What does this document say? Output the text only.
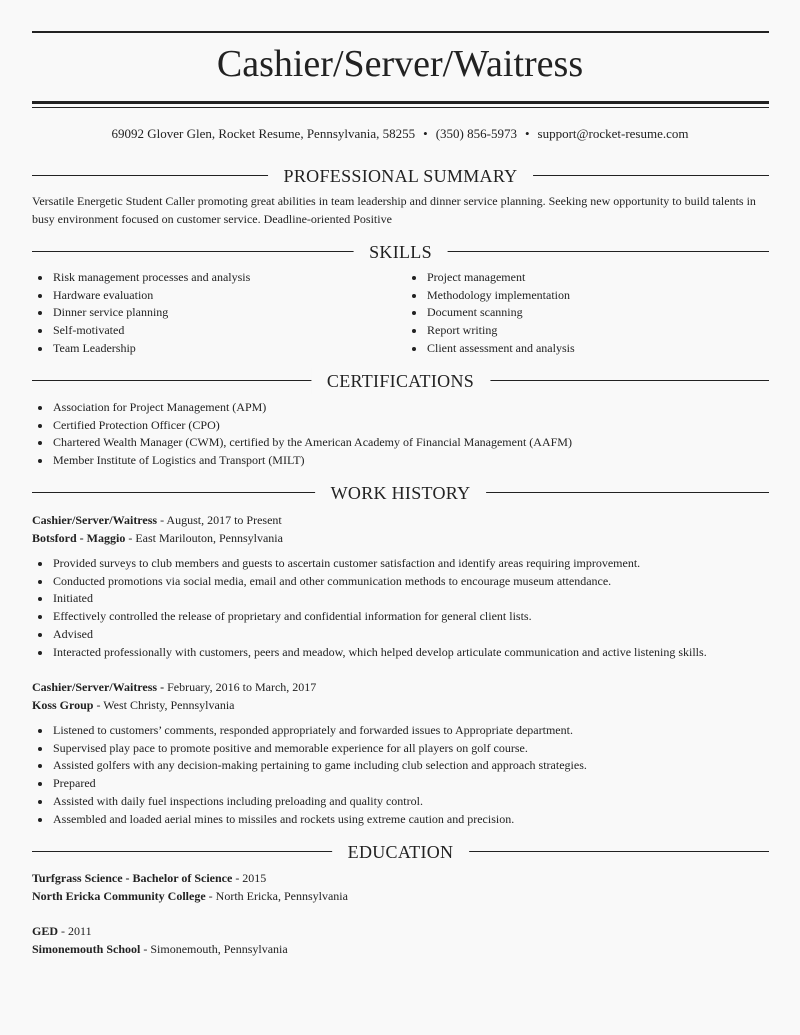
Cashier/Server/Waitress
69092 Glover Glen, Rocket Resume, Pennsylvania, 58255 • (350) 856-5973 • support@rocket-resume.com
PROFESSIONAL SUMMARY
Versatile Energetic Student Caller promoting great abilities in team leadership and dinner service planning. Seeking new opportunity to build talents in busy environment focused on customer service. Deadline-oriented Positive
SKILLS
Risk management processes and analysis
Hardware evaluation
Dinner service planning
Self-motivated
Team Leadership
Project management
Methodology implementation
Document scanning
Report writing
Client assessment and analysis
CERTIFICATIONS
Association for Project Management (APM)
Certified Protection Officer (CPO)
Chartered Wealth Manager (CWM), certified by the American Academy of Financial Management (AAFM)
Member Institute of Logistics and Transport (MILT)
WORK HISTORY
Cashier/Server/Waitress - August, 2017 to Present
Botsford - Maggio - East Marilouton, Pennsylvania
Provided surveys to club members and guests to ascertain customer satisfaction and identify areas requiring improvement.
Conducted promotions via social media, email and other communication methods to encourage museum attendance.
Initiated
Effectively controlled the release of proprietary and confidential information for general client lists.
Advised
Interacted professionally with customers, peers and meadow, which helped develop articulate communication and active listening skills.
Cashier/Server/Waitress - February, 2016 to March, 2017
Koss Group - West Christy, Pennsylvania
Listened to customers’ comments, responded appropriately and forwarded issues to Appropriate department.
Supervised play pace to promote positive and memorable experience for all players on golf course.
Assisted golfers with any decision-making pertaining to game including club selection and approach strategies.
Prepared
Assisted with daily fuel inspections including preloading and quality control.
Assembled and loaded aerial mines to missiles and rockets using extreme caution and precision.
EDUCATION
Turfgrass Science - Bachelor of Science - 2015
North Ericka Community College - North Ericka, Pennsylvania
GED - 2011
Simonemouth School - Simonemouth, Pennsylvania
